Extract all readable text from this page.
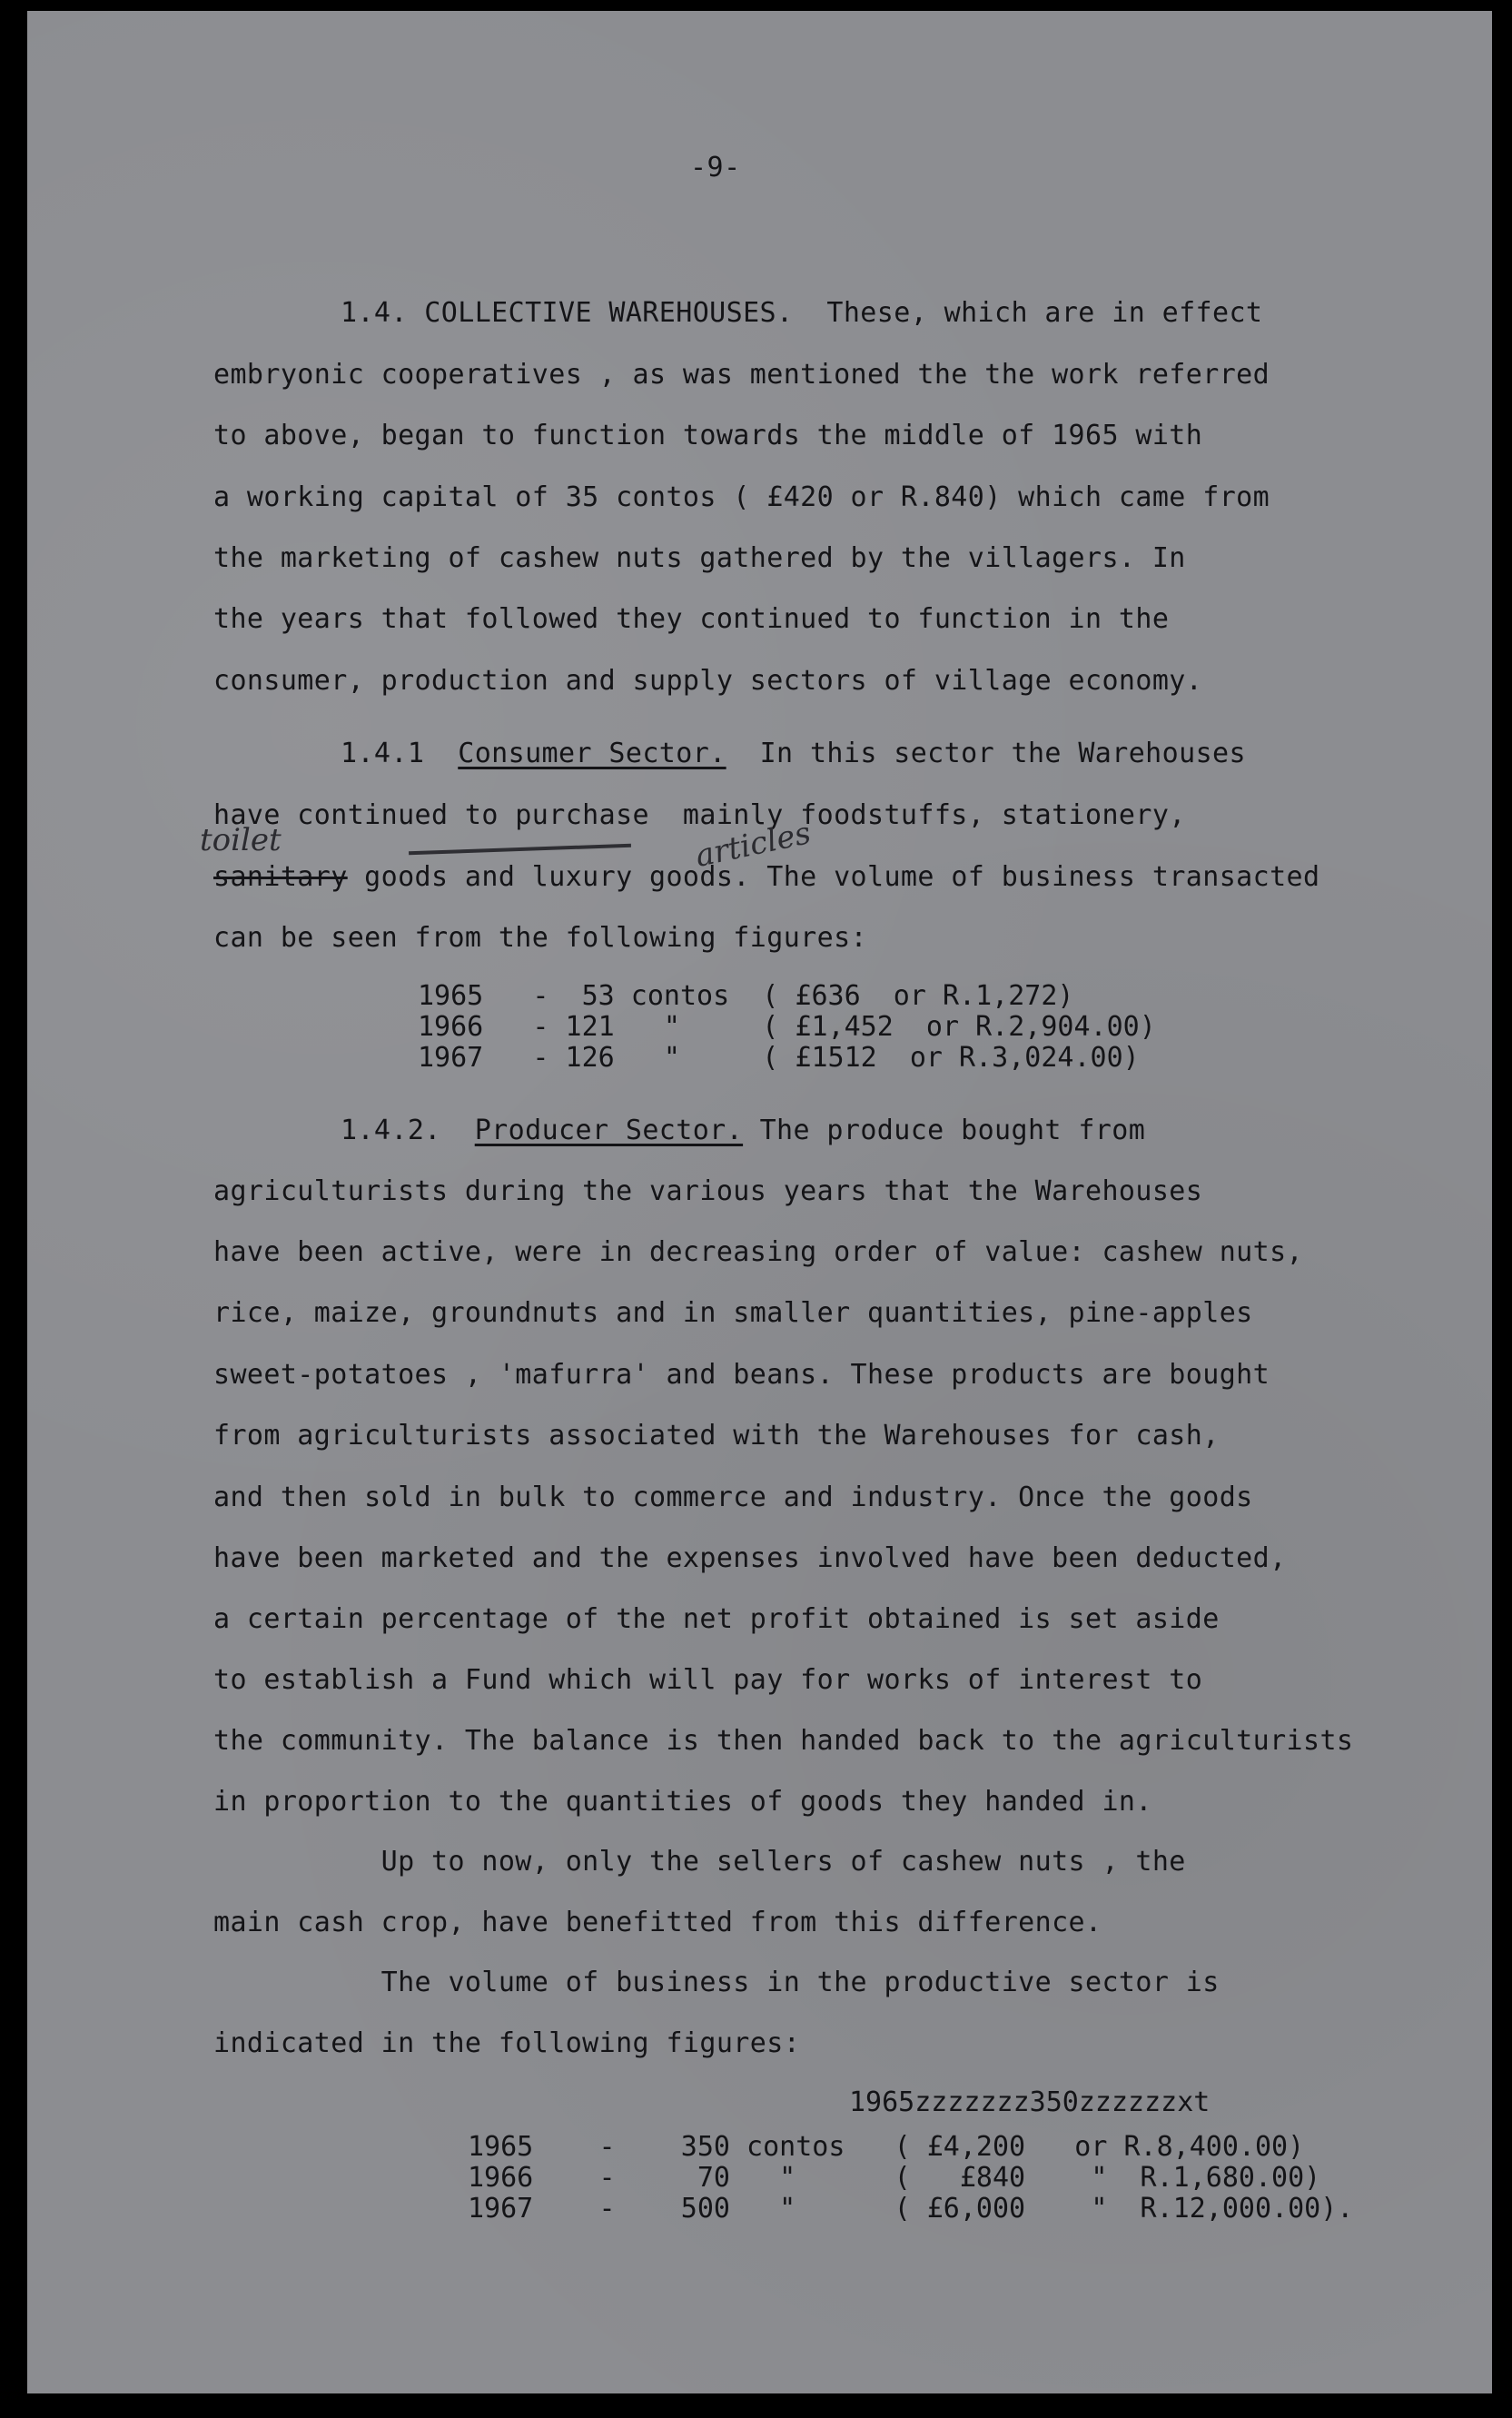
-9-
1.4. COLLECTIVE WAREHOUSES.  These, which are in effect
embryonic cooperatives , as was mentioned the the work referred
to above, began to function towards the middle of 1965 with
a working capital of 35 contos ( £420 or R.840) which came from
the marketing of cashew nuts gathered by the villagers. In
the years that followed they continued to function in the
consumer, production and supply sectors of village economy.
1.4.1 Consumer Sector.  In this sector the Warehouses
have continued to purchase  mainly foodstuffs, stationery,
sanitary goods and luxury goods. The volume of business transacted
can be seen from the following figures:
toilet	articles
1965   -  53 contos  ( £636  or R.1,272)
1966   - 121   "     ( £1,452  or R.2,904.00)
1967   - 126   "     ( £1512  or R.3,024.00)
1.4.2. Producer Sector. The produce bought from
agriculturists during the various years that the Warehouses
have been active, were in decreasing order of value: cashew nuts,
rice, maize, groundnuts and in smaller quantities, pine-apples
sweet-potatoes , 'mafurra' and beans. These products are bought
from agriculturists associated with the Warehouses for cash,
and then sold in bulk to commerce and industry. Once the goods
have been marketed and the expenses involved have been deducted,
a certain percentage of the net profit obtained is set aside
to establish a Fund which will pay for works of interest to
the community. The balance is then handed back to the agriculturists
in proportion to the quantities of goods they handed in.
Up to now, only the sellers of cashew nuts , the
main cash crop, have benefitted from this difference.
The volume of business in the productive sector is
indicated in the following figures:
1965zzzzzzz350zzzzzzxt
1965    -    350 contos   ( £4,200   or R.8,400.00)
1966    -     70   "      (   £840    "  R.1,680.00)
1967    -    500   "      ( £6,000    "  R.12,000.00).
